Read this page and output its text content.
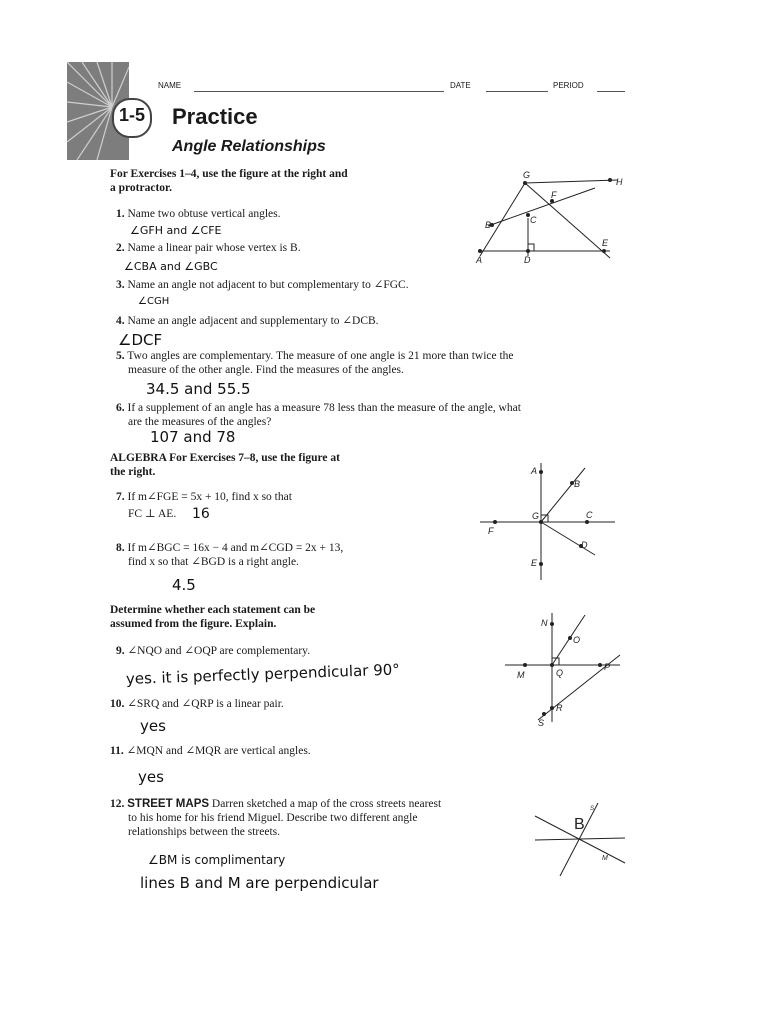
1-5
NAME	DATE	PERIOD
Practice
Angle Relationships
For Exercises 1–4, use the figure at the right and
a protractor.
G
H
F
B	C
A	D
E
1. Name two obtuse vertical angles.
∠GFH and ∠CFE
2. Name a linear pair whose vertex is B.
∠CBA and ∠GBC
3. Name an angle not adjacent to but complementary to ∠FGC.
∠CGH
4. Name an angle adjacent and supplementary to ∠DCB.
∠DCF
5. Two angles are complementary. The measure of one angle is 21 more than twice the
measure of the other angle. Find the measures of the angles.
34.5 and 55.5
6. If a supplement of an angle has a measure 78 less than the measure of the angle, what
are the measures of the angles?
107 and 78
ALGEBRA For Exercises 7–8, use the figure at
the right.	A
B
G	C
F
D
E
7. If m∠FGE = 5x + 10, find x so that
FC ⊥ AE. 16
8. If m∠BGC = 16x − 4 and m∠CGD = 2x + 13,
find x so that ∠BGD is a right angle.
4.5
Determine whether each statement can be
assumed from the figure. Explain.	N
O
M	Q
P
R
S
9. ∠NQO and ∠OQP are complementary.
yes. it is perfectly perpendicular 90°
10. ∠SRQ and ∠QRP is a linear pair.
yes
11. ∠MQN and ∠MQR are vertical angles.
yes
12. STREET MAPS Darren sketched a map of the cross streets nearest
to his home for his friend Miguel. Describe two different angle
relationships between the streets.	B
S
M
∠BM is complimentary
lines B and M are perpendicular
